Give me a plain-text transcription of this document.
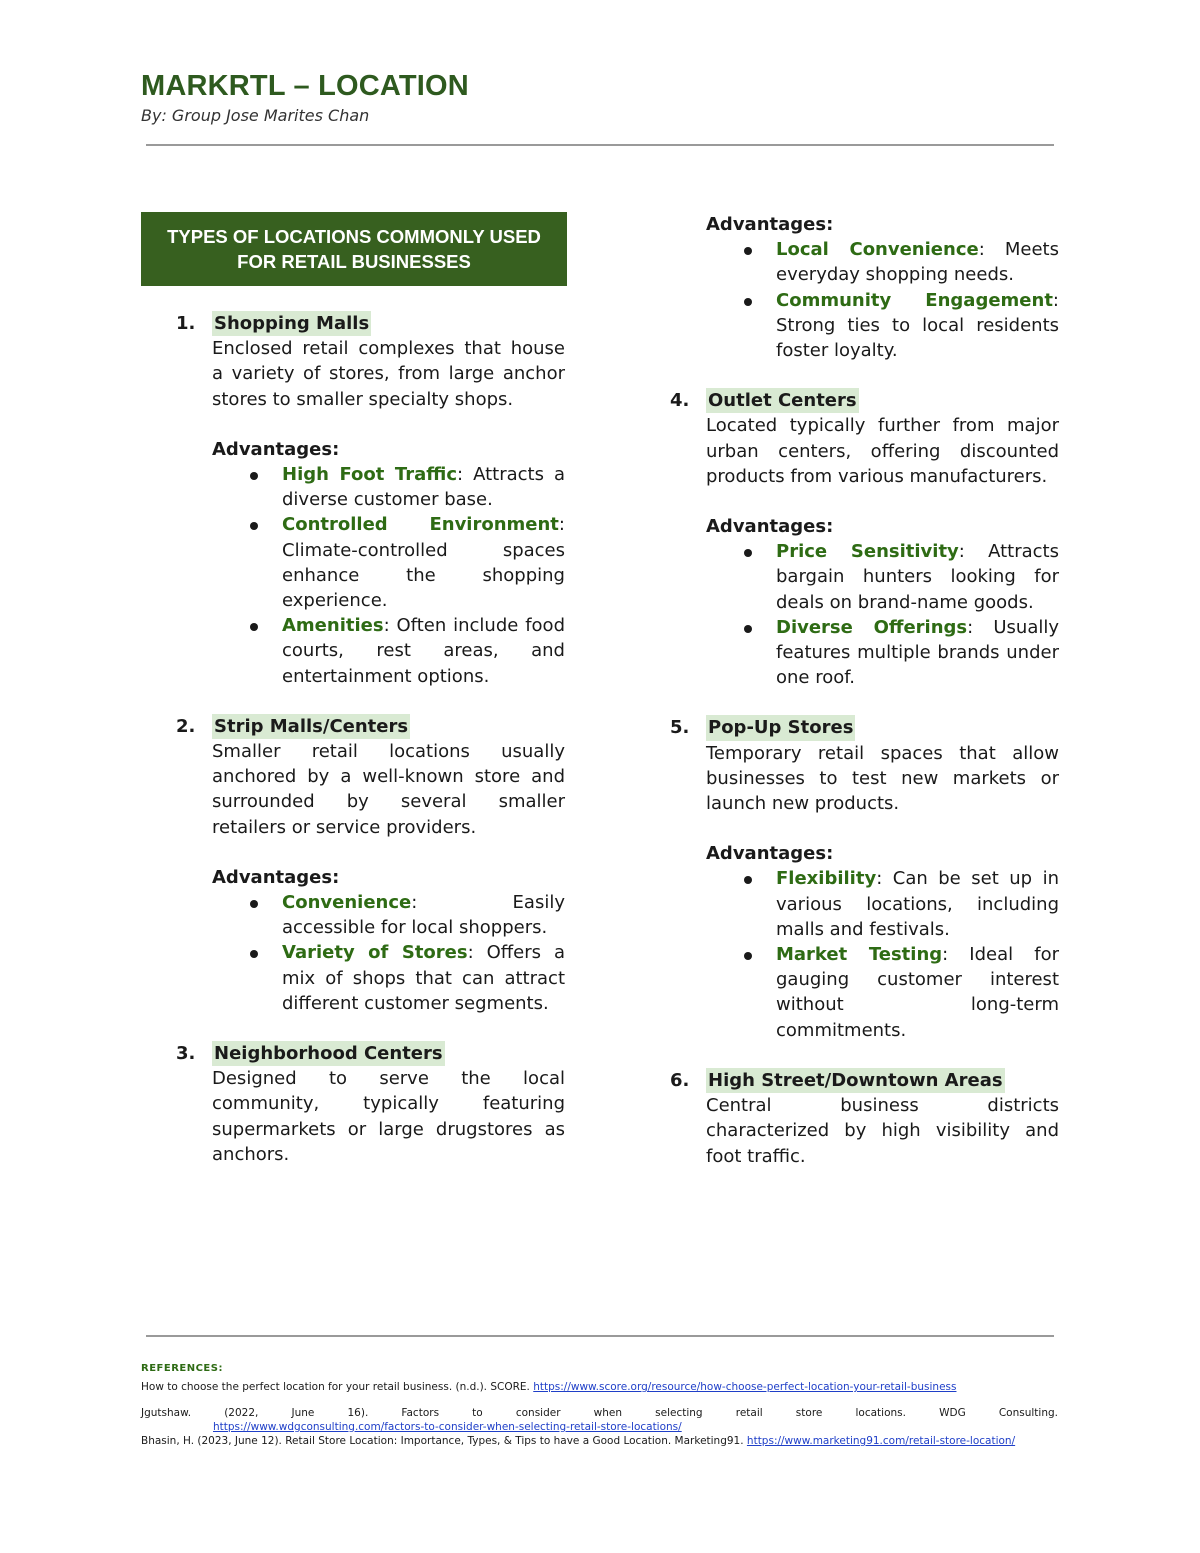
MARKRTL – LOCATION
By: Group Jose Marites Chan
TYPES OF LOCATIONS COMMONLY USED
FOR RETAIL BUSINESSES
1.	Shopping Malls
Enclosed retail complexes that house a variety of stores, from large anchor stores to smaller specialty shops.
Advantages:
High Foot Traffic: Attracts a diverse customer base.
Controlled Environment: Climate-controlled spaces enhance the shopping experience.
Amenities: Often include food courts, rest areas, and entertainment options.
2.	Strip Malls/Centers
Smaller retail locations usually anchored by a well-known store and surrounded by several smaller retailers or service providers.
Advantages:
Convenience: Easily accessible for local shoppers.
Variety of Stores: Offers a mix of shops that can attract different customer segments.
3.	Neighborhood Centers
Designed to serve the local community, typically featuring supermarkets or large drugstores as anchors.
Advantages:
Local Convenience: Meets everyday shopping needs.
Community Engagement: Strong ties to local residents foster loyalty.
4.	Outlet Centers
Located typically further from major urban centers, offering discounted products from various manufacturers.
Advantages:
Price Sensitivity: Attracts bargain hunters looking for deals on brand-name goods.
Diverse Offerings: Usually features multiple brands under one roof.
5.	Pop-Up Stores
Temporary retail spaces that allow businesses to test new markets or launch new products.
Advantages:
Flexibility: Can be set up in various locations, including malls and festivals.
Market Testing: Ideal for gauging customer interest without long-term commitments.
6.	High Street/Downtown Areas
Central business districts characterized by high visibility and foot traffic.
REFERENCES:
How to choose the perfect location for your retail business. (n.d.). SCORE. https://www.score.org/resource/how-choose-perfect-location-your-retail-business
Jgutshaw. (2022, June 16). Factors to consider when selecting retail store locations. WDG Consulting.
https://www.wdgconsulting.com/factors-to-consider-when-selecting-retail-store-locations/
Bhasin, H. (2023, June 12). Retail Store Location: Importance, Types, & Tips to have a Good Location. Marketing91. https://www.marketing91.com/retail-store-location/
